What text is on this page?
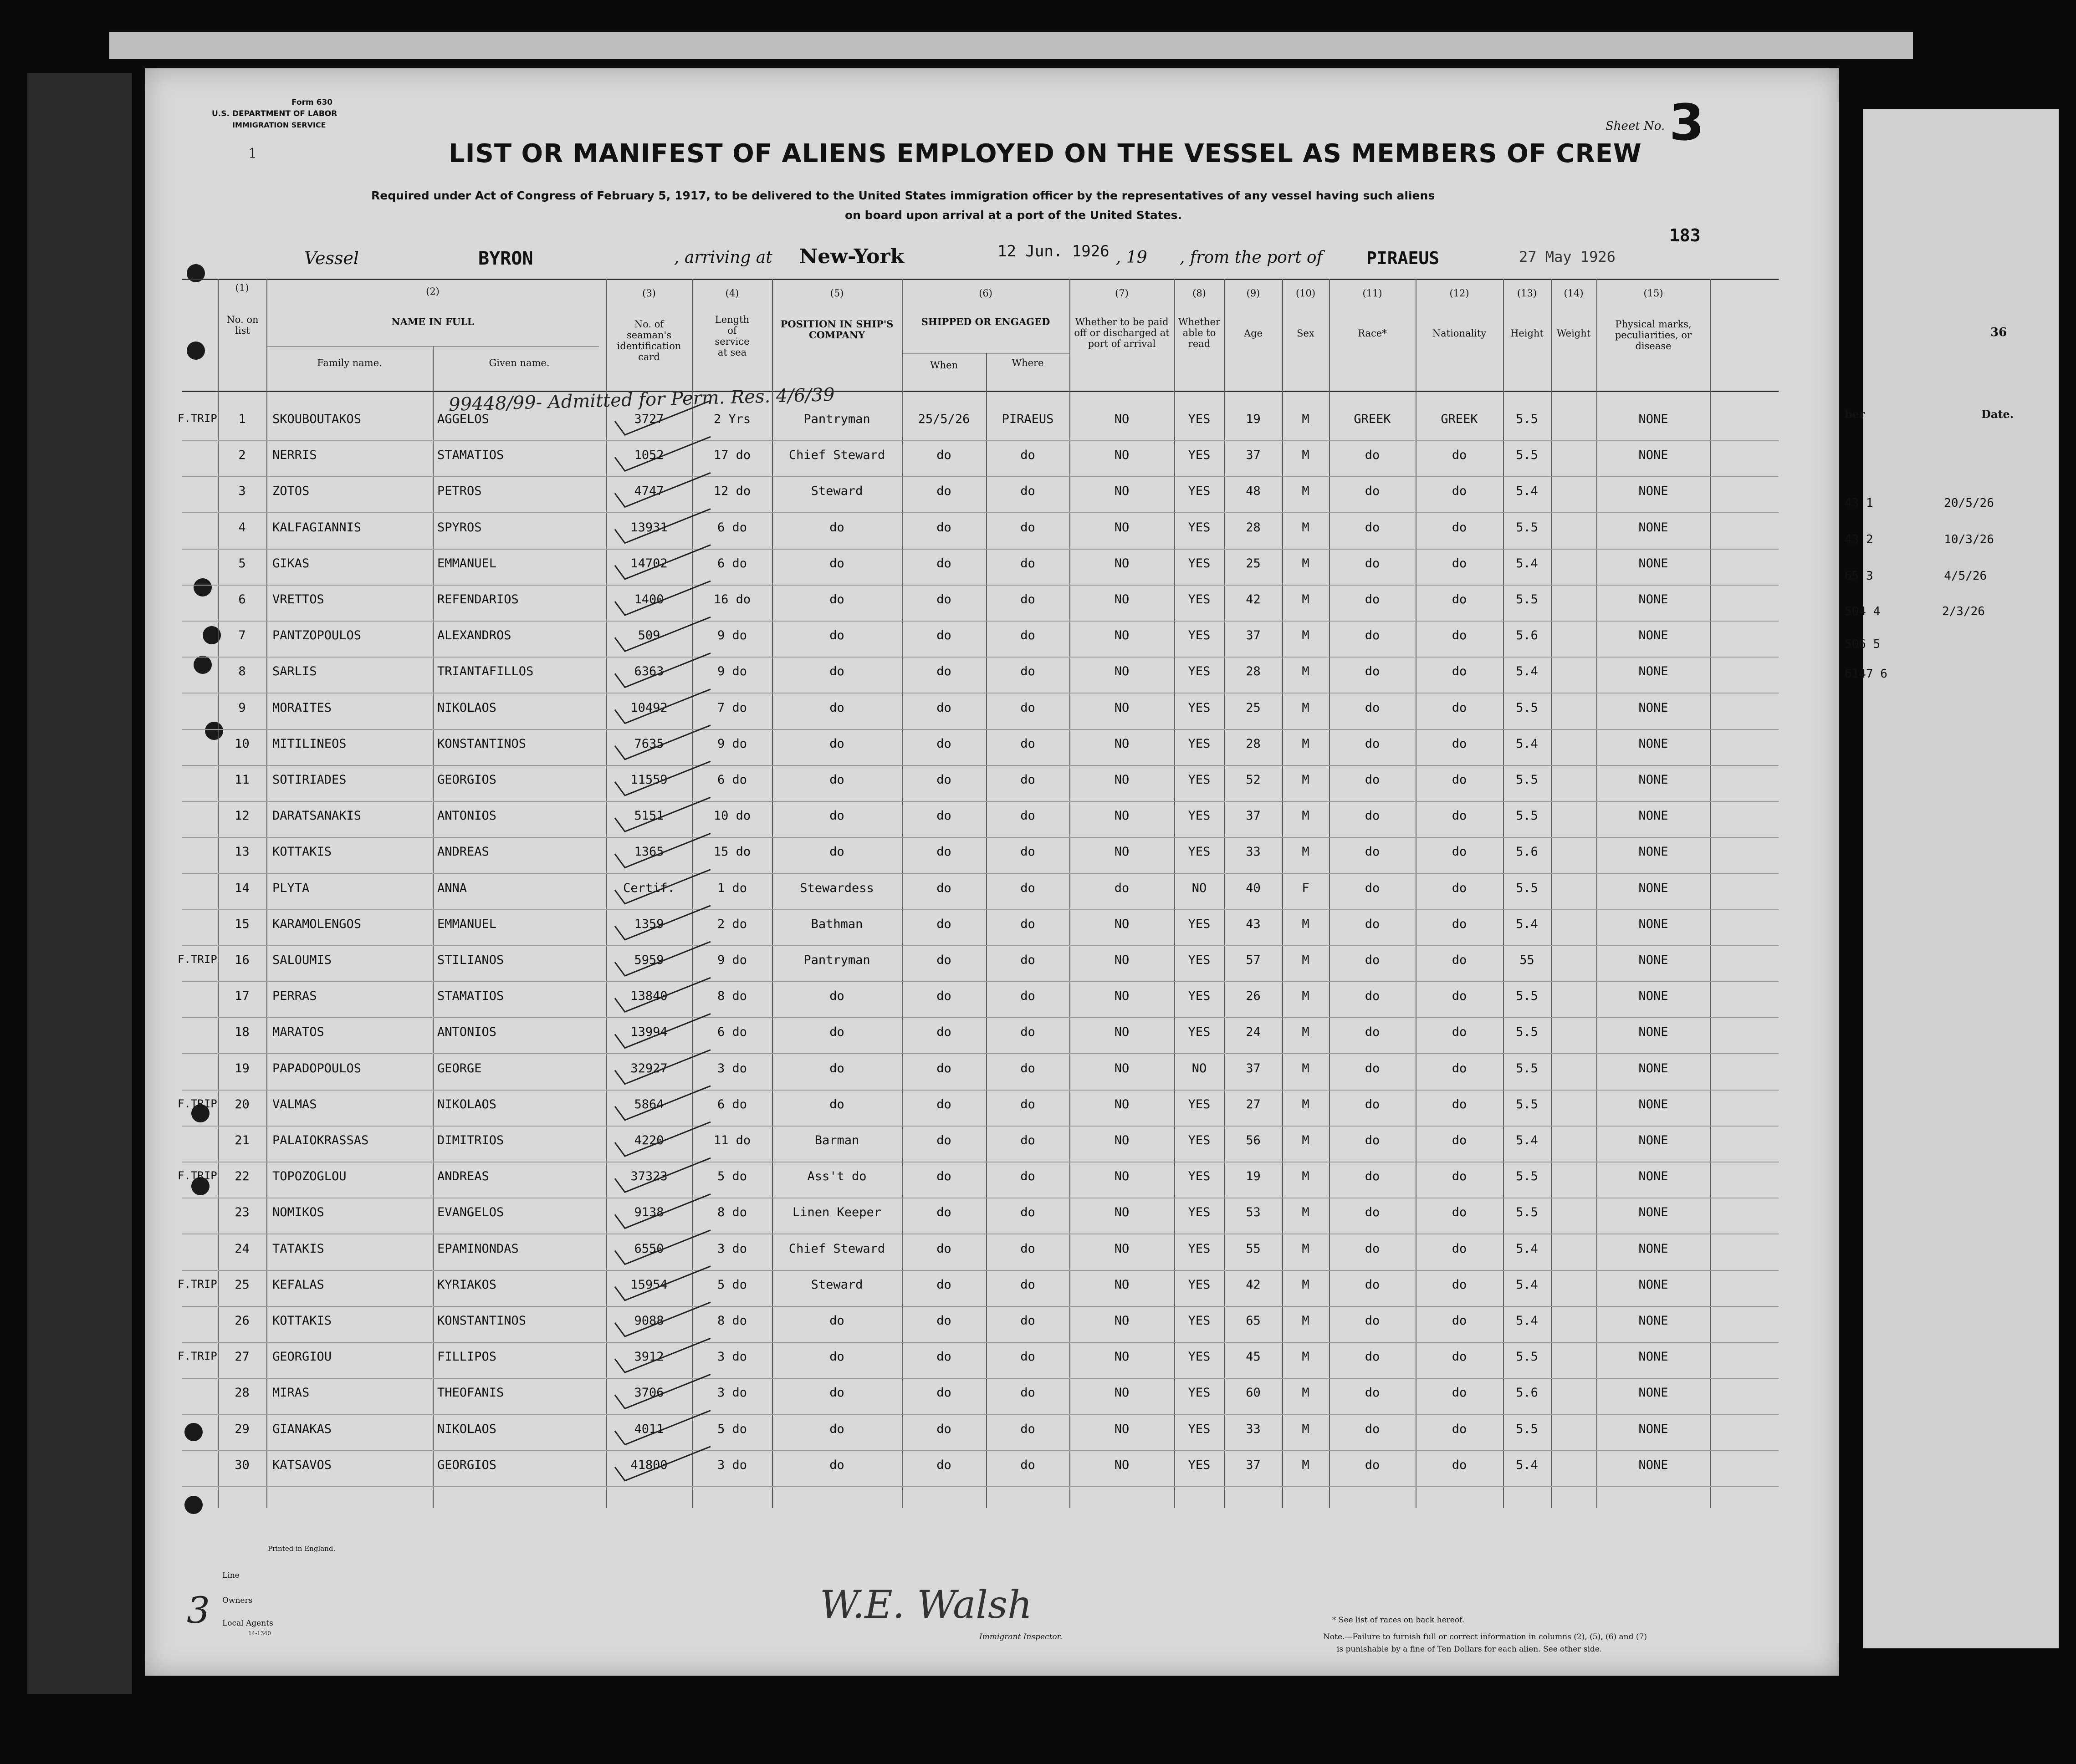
36
ber	Date.
43 1	20/5/26
43 2	10/3/26
65 3	4/5/26
504 4	2/3/26
506 5
6147 6
Form 630
U.S. DEPARTMENT OF LABOR
IMMIGRATION SERVICE
1	LIST OR MANIFEST OF ALIENS EMPLOYED ON THE VESSEL AS MEMBERS OF CREW
Sheet No. 3
Required under Act of Congress of February 5, 1917, to be delivered to the United States immigration officer by the representatives of any vessel having such aliens
on board upon arrival at a port of the United States.
Vessel	BYRON	, arriving at New-York	12 Jun. 1926 , 19 , from the port of	PIRAEUS	27 May 1926
183
(1)
No. on list
(2)
NAME IN FULL
Family name.	Given name.
(3)
No. of seaman's identification card
(4)
Length of service at sea
(5)
POSITION IN SHIP'S COMPANY
(6)
SHIPPED OR ENGAGED
When	Where
(7)
Whether to be paid off or discharged at port of arrival
(8)
Whether able to read
(9)
Age
(10)
Sex
(11)
Race*
(12)
Nationality
(13)
Height
(14)
Weight
(15)
Physical marks, peculiarities, or disease
99448/99- Admitted for Perm. Res. 4/6/39
F.TRIP	1	SKOUBOUTAKOS	AGGELOS	3727	2 Yrs	Pantryman	25/5/26	PIRAEUS	NO	YES	19	M	GREEK	GREEK	5.5	NONE
2	NERRIS	STAMATIOS	1052	17 do	Chief Steward	do	do	NO	YES	37	M	do	do	5.5	NONE
3	ZOTOS	PETROS	4747	12 do	Steward	do	do	NO	YES	48	M	do	do	5.4	NONE
4	KALFAGIANNIS	SPYROS	13931	6 do	do	do	do	NO	YES	28	M	do	do	5.5	NONE
5	GIKAS	EMMANUEL	14702	6 do	do	do	do	NO	YES	25	M	do	do	5.4	NONE
6	VRETTOS	REFENDARIOS	1400	16 do	do	do	do	NO	YES	42	M	do	do	5.5	NONE
7	PANTZOPOULOS	ALEXANDROS	509	9 do	do	do	do	NO	YES	37	M	do	do	5.6	NONE
8	SARLIS	TRIANTAFILLOS	6363	9 do	do	do	do	NO	YES	28	M	do	do	5.4	NONE
9	MORAITES	NIKOLAOS	10492	7 do	do	do	do	NO	YES	25	M	do	do	5.5	NONE
10	MITILINEOS	KONSTANTINOS	7635	9 do	do	do	do	NO	YES	28	M	do	do	5.4	NONE
11	SOTIRIADES	GEORGIOS	11559	6 do	do	do	do	NO	YES	52	M	do	do	5.5	NONE
12	DARATSANAKIS	ANTONIOS	5151	10 do	do	do	do	NO	YES	37	M	do	do	5.5	NONE
13	KOTTAKIS	ANDREAS	1365	15 do	do	do	do	NO	YES	33	M	do	do	5.6	NONE
14	PLYTA	ANNA	Certif.	1 do	Stewardess	do	do	do	NO	40	F	do	do	5.5	NONE
15	KARAMOLENGOS	EMMANUEL	1359	2 do	Bathman	do	do	NO	YES	43	M	do	do	5.4	NONE
F.TRIP	16	SALOUMIS	STILIANOS	5959	9 do	Pantryman	do	do	NO	YES	57	M	do	do	55	NONE
17	PERRAS	STAMATIOS	13840	8 do	do	do	do	NO	YES	26	M	do	do	5.5	NONE
18	MARATOS	ANTONIOS	13994	6 do	do	do	do	NO	YES	24	M	do	do	5.5	NONE
19	PAPADOPOULOS	GEORGE	32927	3 do	do	do	do	NO	NO	37	M	do	do	5.5	NONE
F.TRIP	20	VALMAS	NIKOLAOS	5864	6 do	do	do	do	NO	YES	27	M	do	do	5.5	NONE
21	PALAIOKRASSAS	DIMITRIOS	4220	11 do	Barman	do	do	NO	YES	56	M	do	do	5.4	NONE
F.TRIP	22	TOPOZOGLOU	ANDREAS	37323	5 do	Ass't do	do	do	NO	YES	19	M	do	do	5.5	NONE
23	NOMIKOS	EVANGELOS	9138	8 do	Linen Keeper	do	do	NO	YES	53	M	do	do	5.5	NONE
24	TATAKIS	EPAMINONDAS	6550	3 do	Chief Steward	do	do	NO	YES	55	M	do	do	5.4	NONE
F.TRIP	25	KEFALAS	KYRIAKOS	15954	5 do	Steward	do	do	NO	YES	42	M	do	do	5.4	NONE
26	KOTTAKIS	KONSTANTINOS	9088	8 do	do	do	do	NO	YES	65	M	do	do	5.4	NONE
F.TRIP	27	GEORGIOU	FILLIPOS	3912	3 do	do	do	do	NO	YES	45	M	do	do	5.5	NONE
28	MIRAS	THEOFANIS	3706	3 do	do	do	do	NO	YES	60	M	do	do	5.6	NONE
29	GIANAKAS	NIKOLAOS	4011	5 do	do	do	do	NO	YES	33	M	do	do	5.5	NONE
30	KATSAVOS	GEORGIOS	41800	3 do	do	do	do	NO	YES	37	M	do	do	5.4	NONE
Printed in England.
Line
Owners
Local Agents
14-1340
3	W.E. Walsh
Immigrant Inspector.
* See list of races on back hereof.
Note.—Failure to furnish full or correct information in columns (2), (5), (6) and (7)
is punishable by a fine of Ten Dollars for each alien. See other side.
